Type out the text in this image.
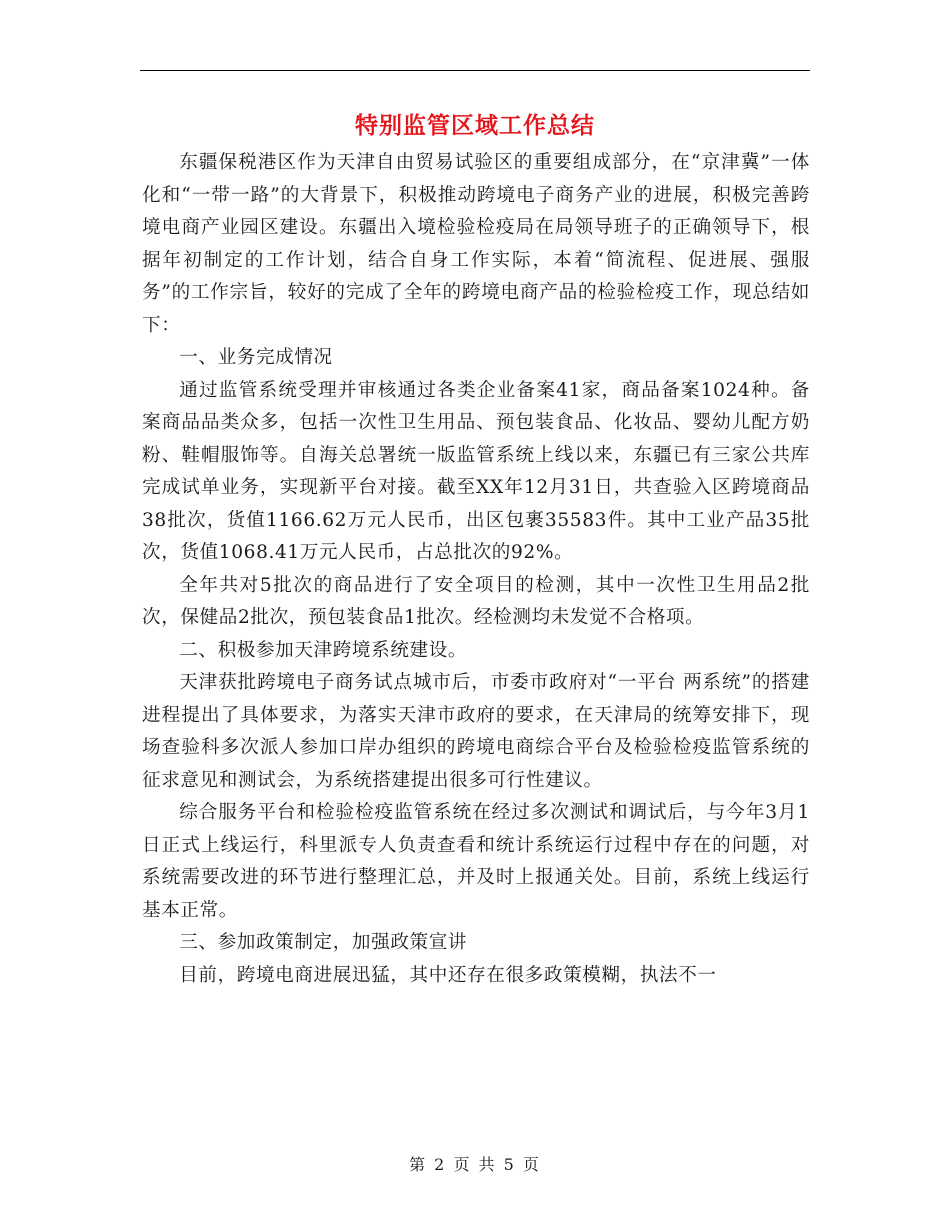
特别监管区域工作总结

东疆保税港区作为天津自由贸易试验区的重要组成部分，在“京津冀”一体化和“一带一路”的大背景下，积极推动跨境电子商务产业的进展，积极完善跨境电商产业园区建设。东疆出入境检验检疫局在局领导班子的正确领导下，根据年初制定的工作计划，结合自身工作实际，本着“简流程、促进展、强服务”的工作宗旨，较好的完成了全年的跨境电商产品的检验检疫工作，现总结如下：

一、业务完成情况

通过监管系统受理并审核通过各类企业备案41家，商品备案1024种。备案商品品类众多，包括一次性卫生用品、预包装食品、化妆品、婴幼儿配方奶粉、鞋帽服饰等。自海关总署统一版监管系统上线以来，东疆已有三家公共库完成试单业务，实现新平台对接。截至XX年12月31日，共查验入区跨境商品38批次，货值1166.62万元人民币，出区包裹35583件。其中工业产品35批次，货值1068.41万元人民币，占总批次的92%。

全年共对5批次的商品进行了安全项目的检测，其中一次性卫生用品2批次，保健品2批次，预包装食品1批次。经检测均未发觉不合格项。

二、积极参加天津跨境系统建设。

天津获批跨境电子商务试点城市后，市委市政府对“一平台 两系统”的搭建进程提出了具体要求，为落实天津市政府的要求，在天津局的统筹安排下，现场查验科多次派人参加口岸办组织的跨境电商综合平台及检验检疫监管系统的征求意见和测试会，为系统搭建提出很多可行性建议。

综合服务平台和检验检疫监管系统在经过多次测试和调试后，与今年3月1日正式上线运行，科里派专人负责查看和统计系统运行过程中存在的问题，对系统需要改进的环节进行整理汇总，并及时上报通关处。目前，系统上线运行基本正常。

三、参加政策制定，加强政策宣讲

目前，跨境电商进展迅猛，其中还存在很多政策模糊，执法不一

第 2 页 共 5 页
